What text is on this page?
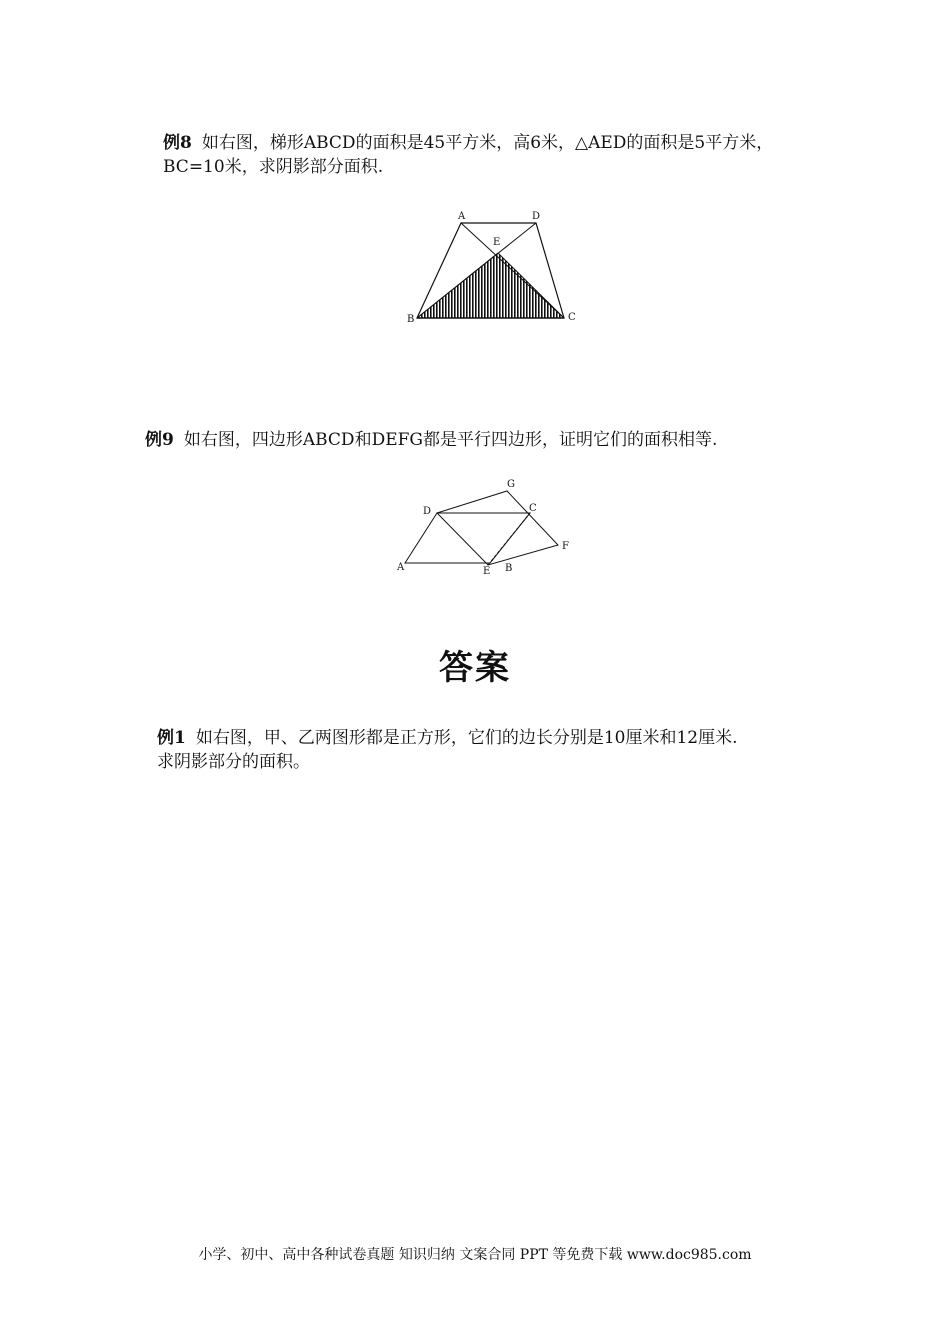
例8 如右图，梯形ABCD的面积是45平方米，高6米，△AED的面积是5平方米，
BC=10米，求阴影部分面积.
A	D
E
B	C
例9 如右图，四边形ABCD和DEFG都是平行四边形，证明它们的面积相等.
A	B
C
D
E
F
G
答案
例1 如右图，甲、乙两图形都是正方形，它们的边长分别是10厘米和12厘米.
求阴影部分的面积。
小学、初中、高中各种试卷真题 知识归纳 文案合同 PPT 等免费下载 www.doc985.com
